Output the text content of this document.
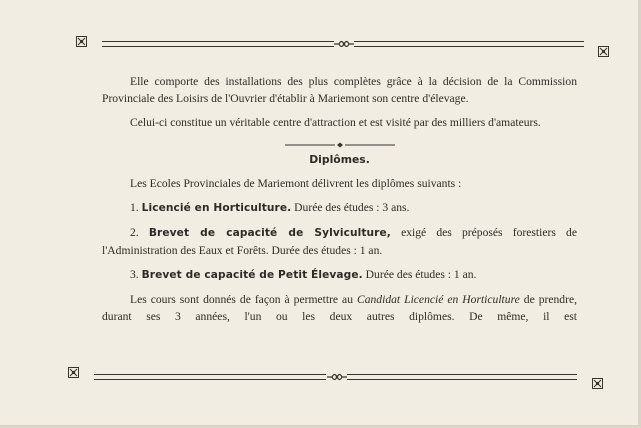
Elle comporte des installations des plus complètes grâce à la décision de la Commission Provinciale des Loisirs de l'Ouvrier d'établir à Mariemont son centre d'élevage.

Celui-ci constitue un véritable centre d'attraction et est visité par des milliers d'amateurs.

Diplômes.

Les Ecoles Provinciales de Mariemont délivrent les diplômes suivants :

1. Licencié en Horticulture. Durée des études : 3 ans.

2. Brevet de capacité de Sylviculture, exigé des préposés forestiers de l'Administration des Eaux et Forêts. Durée des études : 1 an.

3. Brevet de capacité de Petit Élevage. Durée des études : 1 an.

Les cours sont donnés de façon à permettre au Candidat Licencié en Horticulture de prendre, durant ses 3 années, l'un ou les deux autres diplômes. De même, il est
